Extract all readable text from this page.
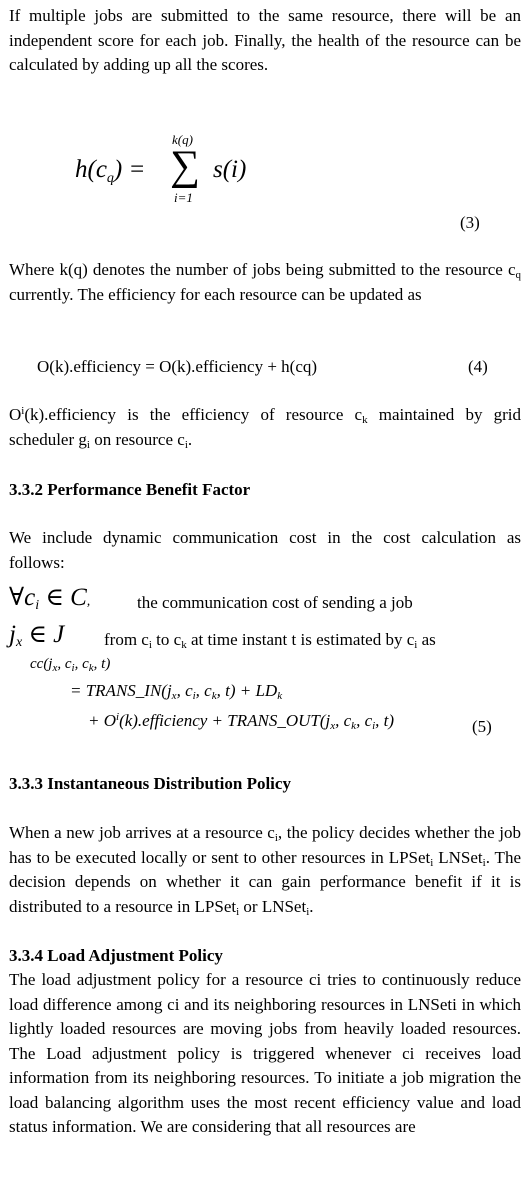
If multiple jobs are submitted to the same resource, there will be an independent score for each job. Finally, the health of the resource can be calculated by adding up all the scores.

$h(c_q)$ =
k(q)
∑
i=1
s(i)
(3)

Where k(q) denotes the number of jobs being submitted to the resource $c_q$ currently. The efficiency for each resource can be updated as

O(k).efficiency = O(k).efficiency + h(cq)	(4)

$O^i(k).efficiency$ is the efficiency of resource $c_k$ maintained by grid scheduler $g_i$ on resource $c_i$.

3.3.2 Performance Benefit Factor

We include dynamic communication cost in the cost calculation as follows:

$\forall c_i$ ∈ C,	the communication cost of sending a job
$j_x$ ∈ J from $c_i$ to $c_k$ at time instant t is estimated by $c_i$ as
$cc(j_x$, $c_i$, $c_k$, t)
= $TRANS\_IN(j_x$, $c_i$, $c_k$, $t) + LD_k$
+ $O^i(k).efficiency$ + $TRANS\_OUT(j_x$, $c_k$, $c_i$, t)	(5)
3.3.3 Instantaneous Distribution Policy

When a new job arrives at a resource $c_i$, the policy decides whether the job has to be executed locally or sent to other resources in LPSet$_i$ LNSet$_i$. The decision depends on whether it can gain performance benefit if it is distributed to a resource in LPSet$_i$ or LNSet$_i$.

3.3.4 Load Adjustment Policy

The load adjustment policy for a resource ci tries to continuously reduce load difference among ci and its neighboring resources in LNSeti in which lightly loaded resources are moving jobs from heavily loaded resources. The Load adjustment policy is triggered whenever ci receives load information from its neighboring resources. To initiate a job migration the load balancing algorithm uses the most recent efficiency value and load status information. We are considering that all resources are
